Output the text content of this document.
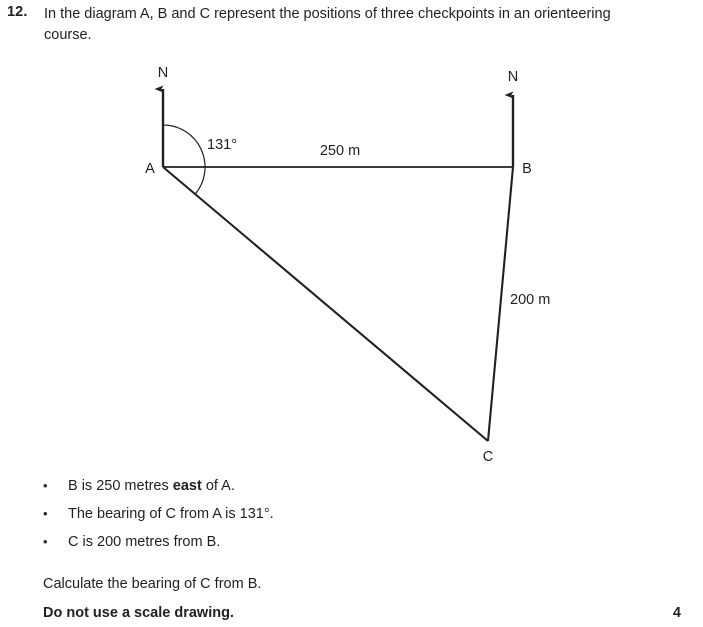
12. In the diagram A, B and C represent the positions of three checkpoints in an orienteering course.
N	N
A	B
C
131°	250 m
200 m
• B is 250 metres east of A.
• The bearing of C from A is 131°.
• C is 200 metres from B.
Calculate the bearing of C from B.
Do not use a scale drawing.	4
